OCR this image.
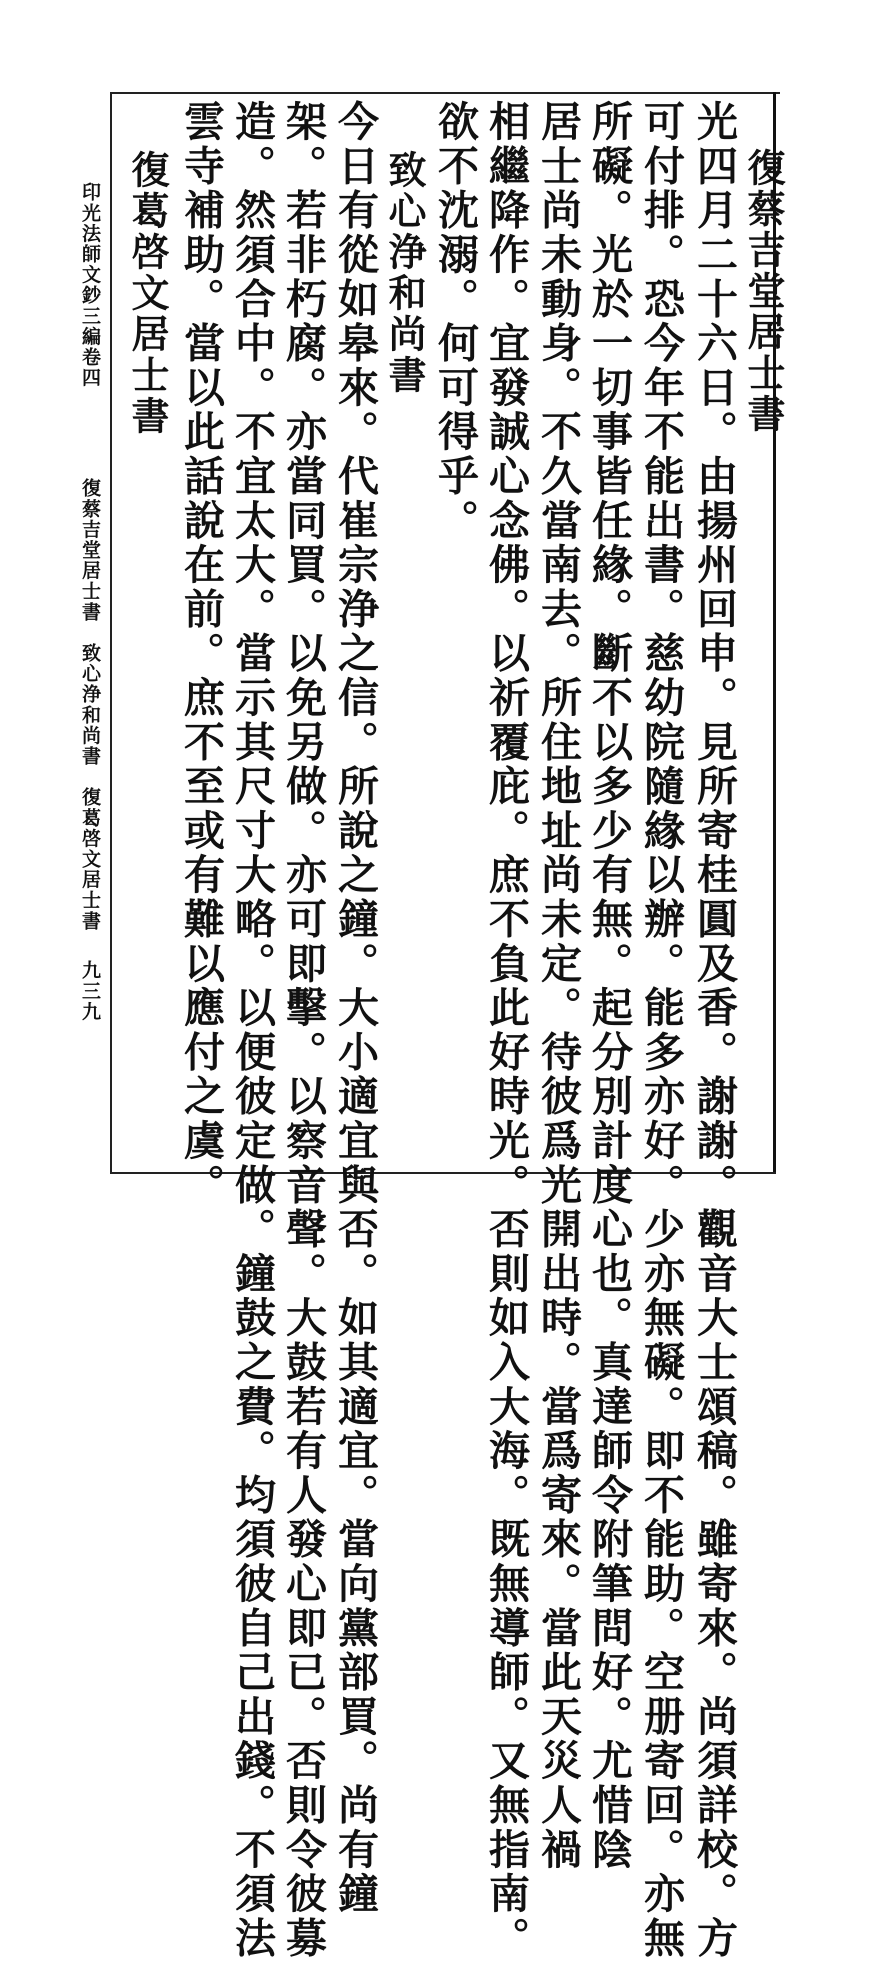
復蔡吉堂居士書
光四月二十六日。由揚州回申。見所寄桂圓及香。謝謝。觀音大士頌稿。雖寄來。尚須詳校。方
可付排。恐今年不能出書。慈幼院隨緣以辦。能多亦好。少亦無礙。即不能助。空册寄回。亦無
所礙。光於一切事皆任緣。斷不以多少有無。起分別計度心也。真達師令附筆問好。尤惜陰
居士尚未動身。不久當南去。所住地址尚未定。待彼爲光開出時。當爲寄來。當此天災人禍
相繼降作。宜發誠心念佛。以祈覆庇。庶不負此好時光。否則如入大海。既無導師。又無指南。
欲不沈溺。何可得乎。
致心浄和尚書
今日有從如皋來。代崔宗浄之信。所說之鐘。大小適宜與否。如其適宜。當向黨部買。尚有鐘
架。若非朽腐。亦當同買。以免另做。亦可即擊。以察音聲。大鼓若有人發心即已。否則令彼募
造。然須合中。不宜太大。當示其尺寸大略。以便彼定做。鐘鼓之費。均須彼自己出錢。不須法
雲寺補助。當以此話說在前。庶不至或有難以應付之虞。
復葛啓文居士書
印光法師文鈔三編卷四
復蔡吉堂居士書　致心浄和尚書　復葛啓文居士書
九三九
